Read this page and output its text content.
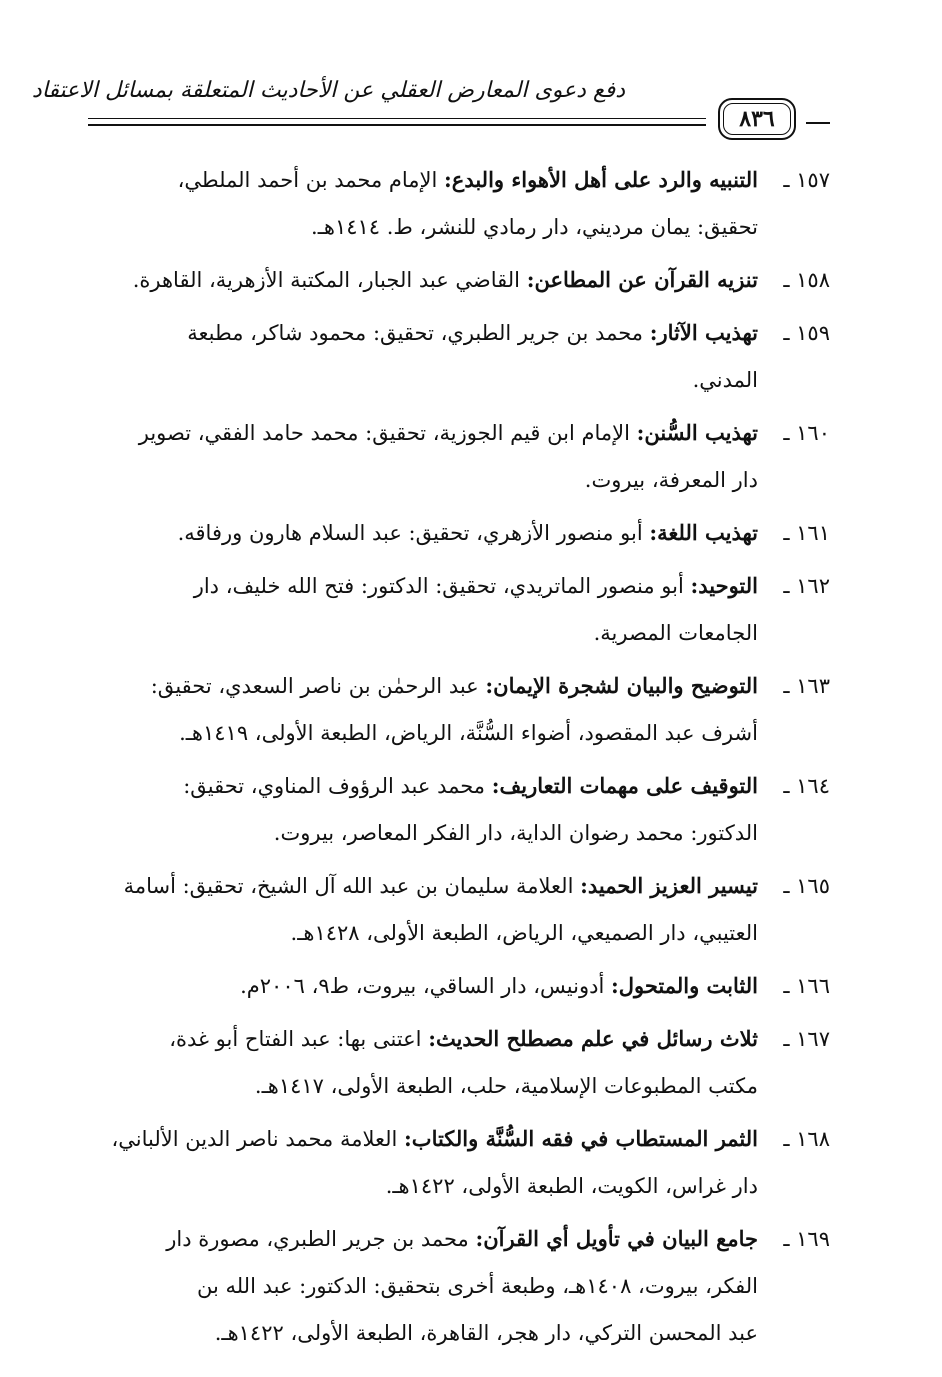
دفع دعوى المعارض العقلي عن الأحاديث المتعلقة بمسائل الاعتقاد
٨٣٦
١٥٧ ـالتنبيه والرد على أهل الأهواء والبدع: الإمام محمد بن أحمد الملطي،
تحقيق: يمان مرديني، دار رمادي للنشر، ط. ١٤١٤هـ.
١٥٨ ـتنزيه القرآن عن المطاعن: القاضي عبد الجبار، المكتبة الأزهرية، القاهرة.
١٥٩ ـتهذيب الآثار: محمد بن جرير الطبري، تحقيق: محمود شاكر، مطبعة
المدني.
١٦٠ ـتهذيب السُّنن: الإمام ابن قيم الجوزية، تحقيق: محمد حامد الفقي، تصوير
دار المعرفة، بيروت.
١٦١ ـتهذيب اللغة: أبو منصور الأزهري، تحقيق: عبد السلام هارون ورفاقه.
١٦٢ ـالتوحيد: أبو منصور الماتريدي، تحقيق: الدكتور: فتح الله خليف، دار
الجامعات المصرية.
١٦٣ ـالتوضيح والبيان لشجرة الإيمان: عبد الرحمٰن بن ناصر السعدي، تحقيق:
أشرف عبد المقصود، أضواء السُّنَّة، الرياض، الطبعة الأولى، ١٤١٩هـ.
١٦٤ ـالتوقيف على مهمات التعاريف: محمد عبد الرؤوف المناوي، تحقيق:
الدكتور: محمد رضوان الداية، دار الفكر المعاصر، بيروت.
١٦٥ ـتيسير العزيز الحميد: العلامة سليمان بن عبد الله آل الشيخ، تحقيق: أسامة
العتيبي، دار الصميعي، الرياض، الطبعة الأولى، ١٤٢٨هـ.
١٦٦ ـالثابت والمتحول: أدونيس، دار الساقي، بيروت، ط٩، ٢٠٠٦م.
١٦٧ ـثلاث رسائل في علم مصطلح الحديث: اعتنى بها: عبد الفتاح أبو غدة،
مكتب المطبوعات الإسلامية، حلب، الطبعة الأولى، ١٤١٧هـ.
١٦٨ ـالثمر المستطاب في فقه السُّنَّة والكتاب: العلامة محمد ناصر الدين الألباني،
دار غراس، الكويت، الطبعة الأولى، ١٤٢٢هـ.
١٦٩ ـجامع البيان في تأويل أي القرآن: محمد بن جرير الطبري، مصورة دار
الفكر، بيروت، ١٤٠٨هـ، وطبعة أخرى بتحقيق: الدكتور: عبد الله بن
عبد المحسن التركي، دار هجر، القاهرة، الطبعة الأولى، ١٤٢٢هـ.
